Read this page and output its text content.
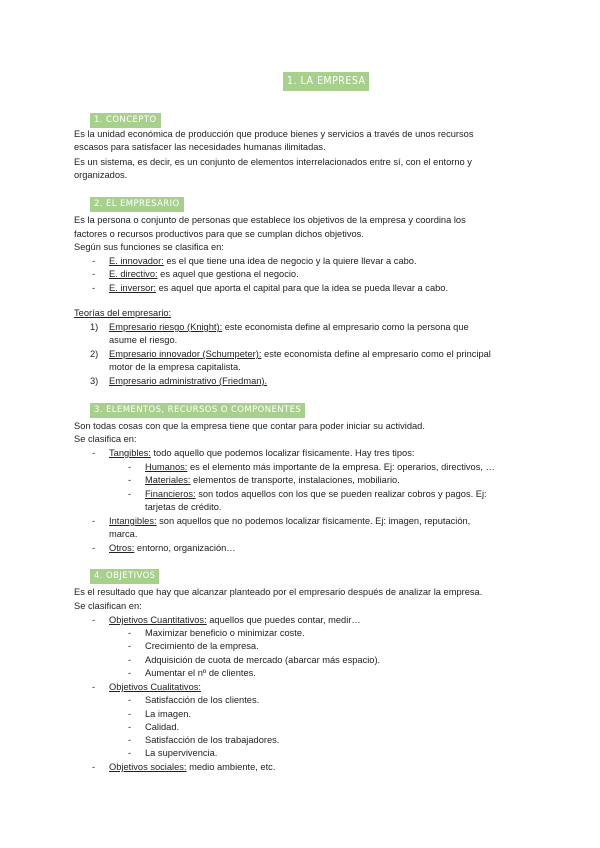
1. LA EMPRESA
1. CONCEPTO
Es la unidad económica de producción que produce bienes y servicios a través de unos recursos
escasos para satisfacer las necesidades humanas ilimitadas.
Es un sistema, es decir, es un conjunto de elementos interrelacionados entre sí, con el entorno y
organizados.
2. EL EMPRESARIO
Es la persona o conjunto de personas que establece los objetivos de la empresa y coordina los
factores o recursos productivos para que se cumplan dichos objetivos.
Según sus funciones se clasifica en:
- E. innovador: es el que tiene una idea de negocio y la quiere llevar a cabo.
- E. directivo: es aquel que gestiona el negocio.
- E. inversor: es aquel que aporta el capital para que la idea se pueda llevar a cabo.
Teorías del empresario:
1) Empresario riesgo (Knight): este economista define al empresario como la persona que
asume el riesgo.
2) Empresario innovador (Schumpeter): este economista define al empresario como el principal
motor de la empresa capitalista.
3) Empresario administrativo (Friedman).
3. ELEMENTOS, RECURSOS O COMPONENTES
Son todas cosas con que la empresa tiene que contar para poder iniciar su actividad.
Se clasifica en:
- Tangibles: todo aquello que podemos localizar físicamente. Hay tres tipos:
- Humanos: es el elemento más importante de la empresa. Ej: operarios, directivos, …
- Materiales: elementos de transporte, instalaciones, mobiliario.
- Financieros: son todos aquellos con los que se pueden realizar cobros y pagos. Ej:
tarjetas de crédito.
- Intangibles: son aquellos que no podemos localizar físicamente. Ej: imagen, reputación,
marca.
- Otros: entorno, organización…
4. OBJETIVOS
Es el resultado que hay que alcanzar planteado por el empresario después de analizar la empresa.
Se clasifican en:
- Objetivos Cuantitativos: aquellos que puedes contar, medir…
- Maximizar beneficio o minimizar coste.
- Crecimiento de la empresa.
- Adquisición de cuota de mercado (abarcar más espacio).
- Aumentar el nº de clientes.
- Objetivos Cualitativos:
- Satisfacción de los clientes.
- La imagen.
- Calidad.
- Satisfacción de los trabajadores.
- La supervivencia.
- Objetivos sociales: medio ambiente, etc.
